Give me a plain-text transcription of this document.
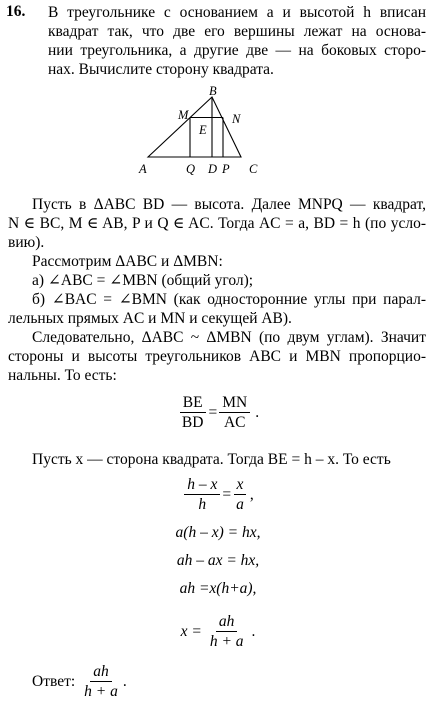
16. В треугольнике с основанием a и высотой h вписан
квадрат так, что две его вершины лежат на основа-
нии треугольника, а другие две — на боковых сторо-
нах. Вычислите сторону квадрата.
B
M	N
E
A	Q D P C
Пусть в ΔABC BD — высота. Далее MNPQ — квадрат,
N ∈ BC, M ∈ AB, P и Q ∈ AC. Тогда AC = a, BD = h (по усло-
вию).
Рассмотрим ΔABC и ΔMBN:
а) ∠ABC = ∠MBN (общий угол);
б) ∠BAC = ∠BMN (как односторонние углы при парал-
лельных прямых AC и MN и секущей AB).
Следовательно, ΔABC ~ ΔMBN (по двум углам). Значит
стороны и высоты треугольников ABC и MBN пропорцио-
нальны. То есть:
$\frac{BE}{BD} = \frac{MN}{AC}$ .
Пусть x — сторона квадрата. Тогда BE = h – x. То есть
$\frac{h - x}{h} = \frac{x}{a}$ ,
a(h – x) = hx,
ah – ax = hx,
ah =x(h+a),
$x = \frac{ah}{h + a}$ .
Ответ: $\frac{ah}{h + a}$ .
